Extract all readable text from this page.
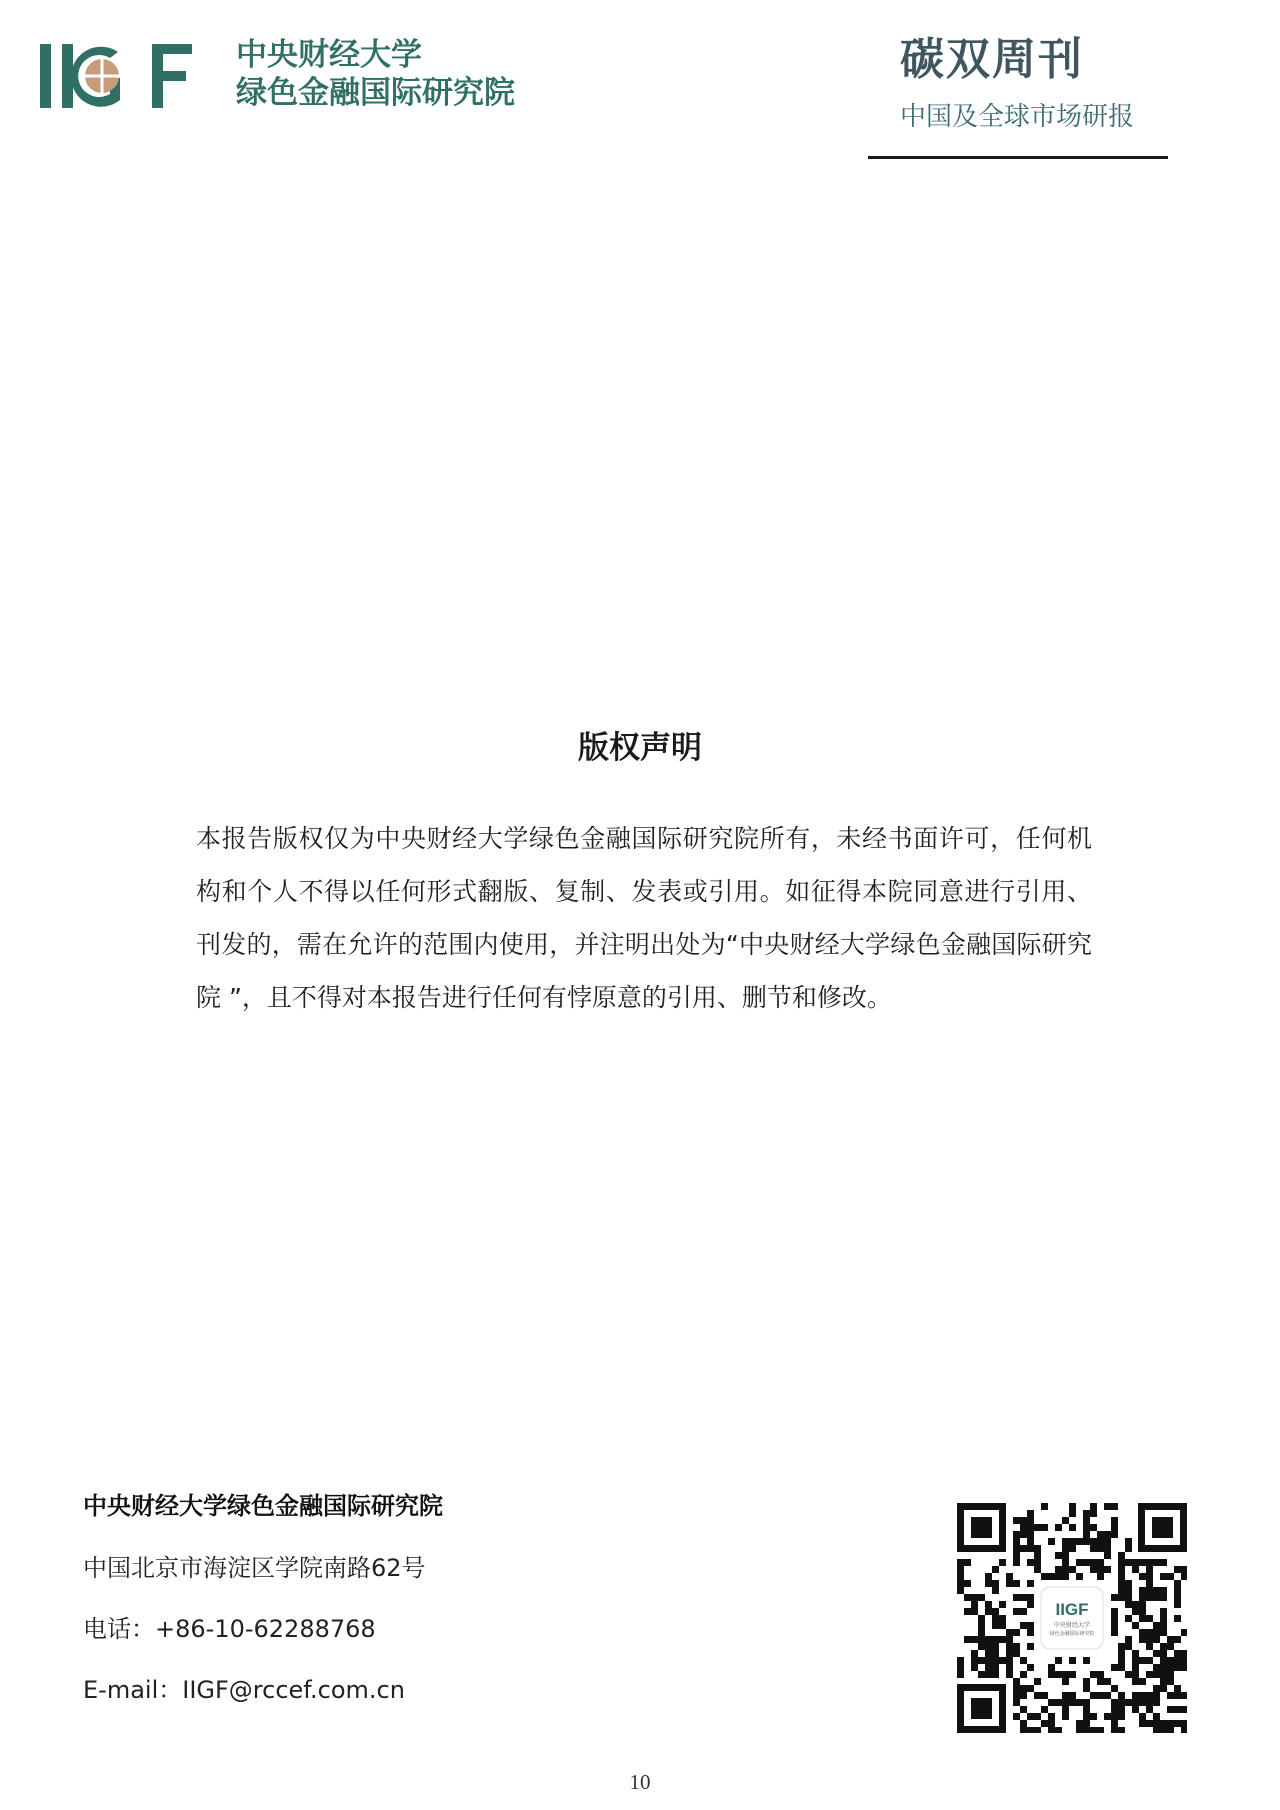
中央财经大学
绿色金融国际研究院
碳双周刊
中国及全球市场研报
版权声明
本报告版权仅为中央财经大学绿色金融国际研究院所有，未经书面许可，任何机构和个人不得以任何形式翻版、复制、发表或引用。如征得本院同意进行引用、刊发的，需在允许的范围内使用，并注明出处为“中央财经大学绿色金融国际研究院 ”，且不得对本报告进行任何有悖原意的引用、删节和修改。
中央财经大学绿色金融国际研究院
中国北京市海淀区学院南路62号
电话：+86-10-62288768
E-mail：IIGF@rccef.com.cn
IIGF
中央财经大学
绿色金融国际研究院
10
